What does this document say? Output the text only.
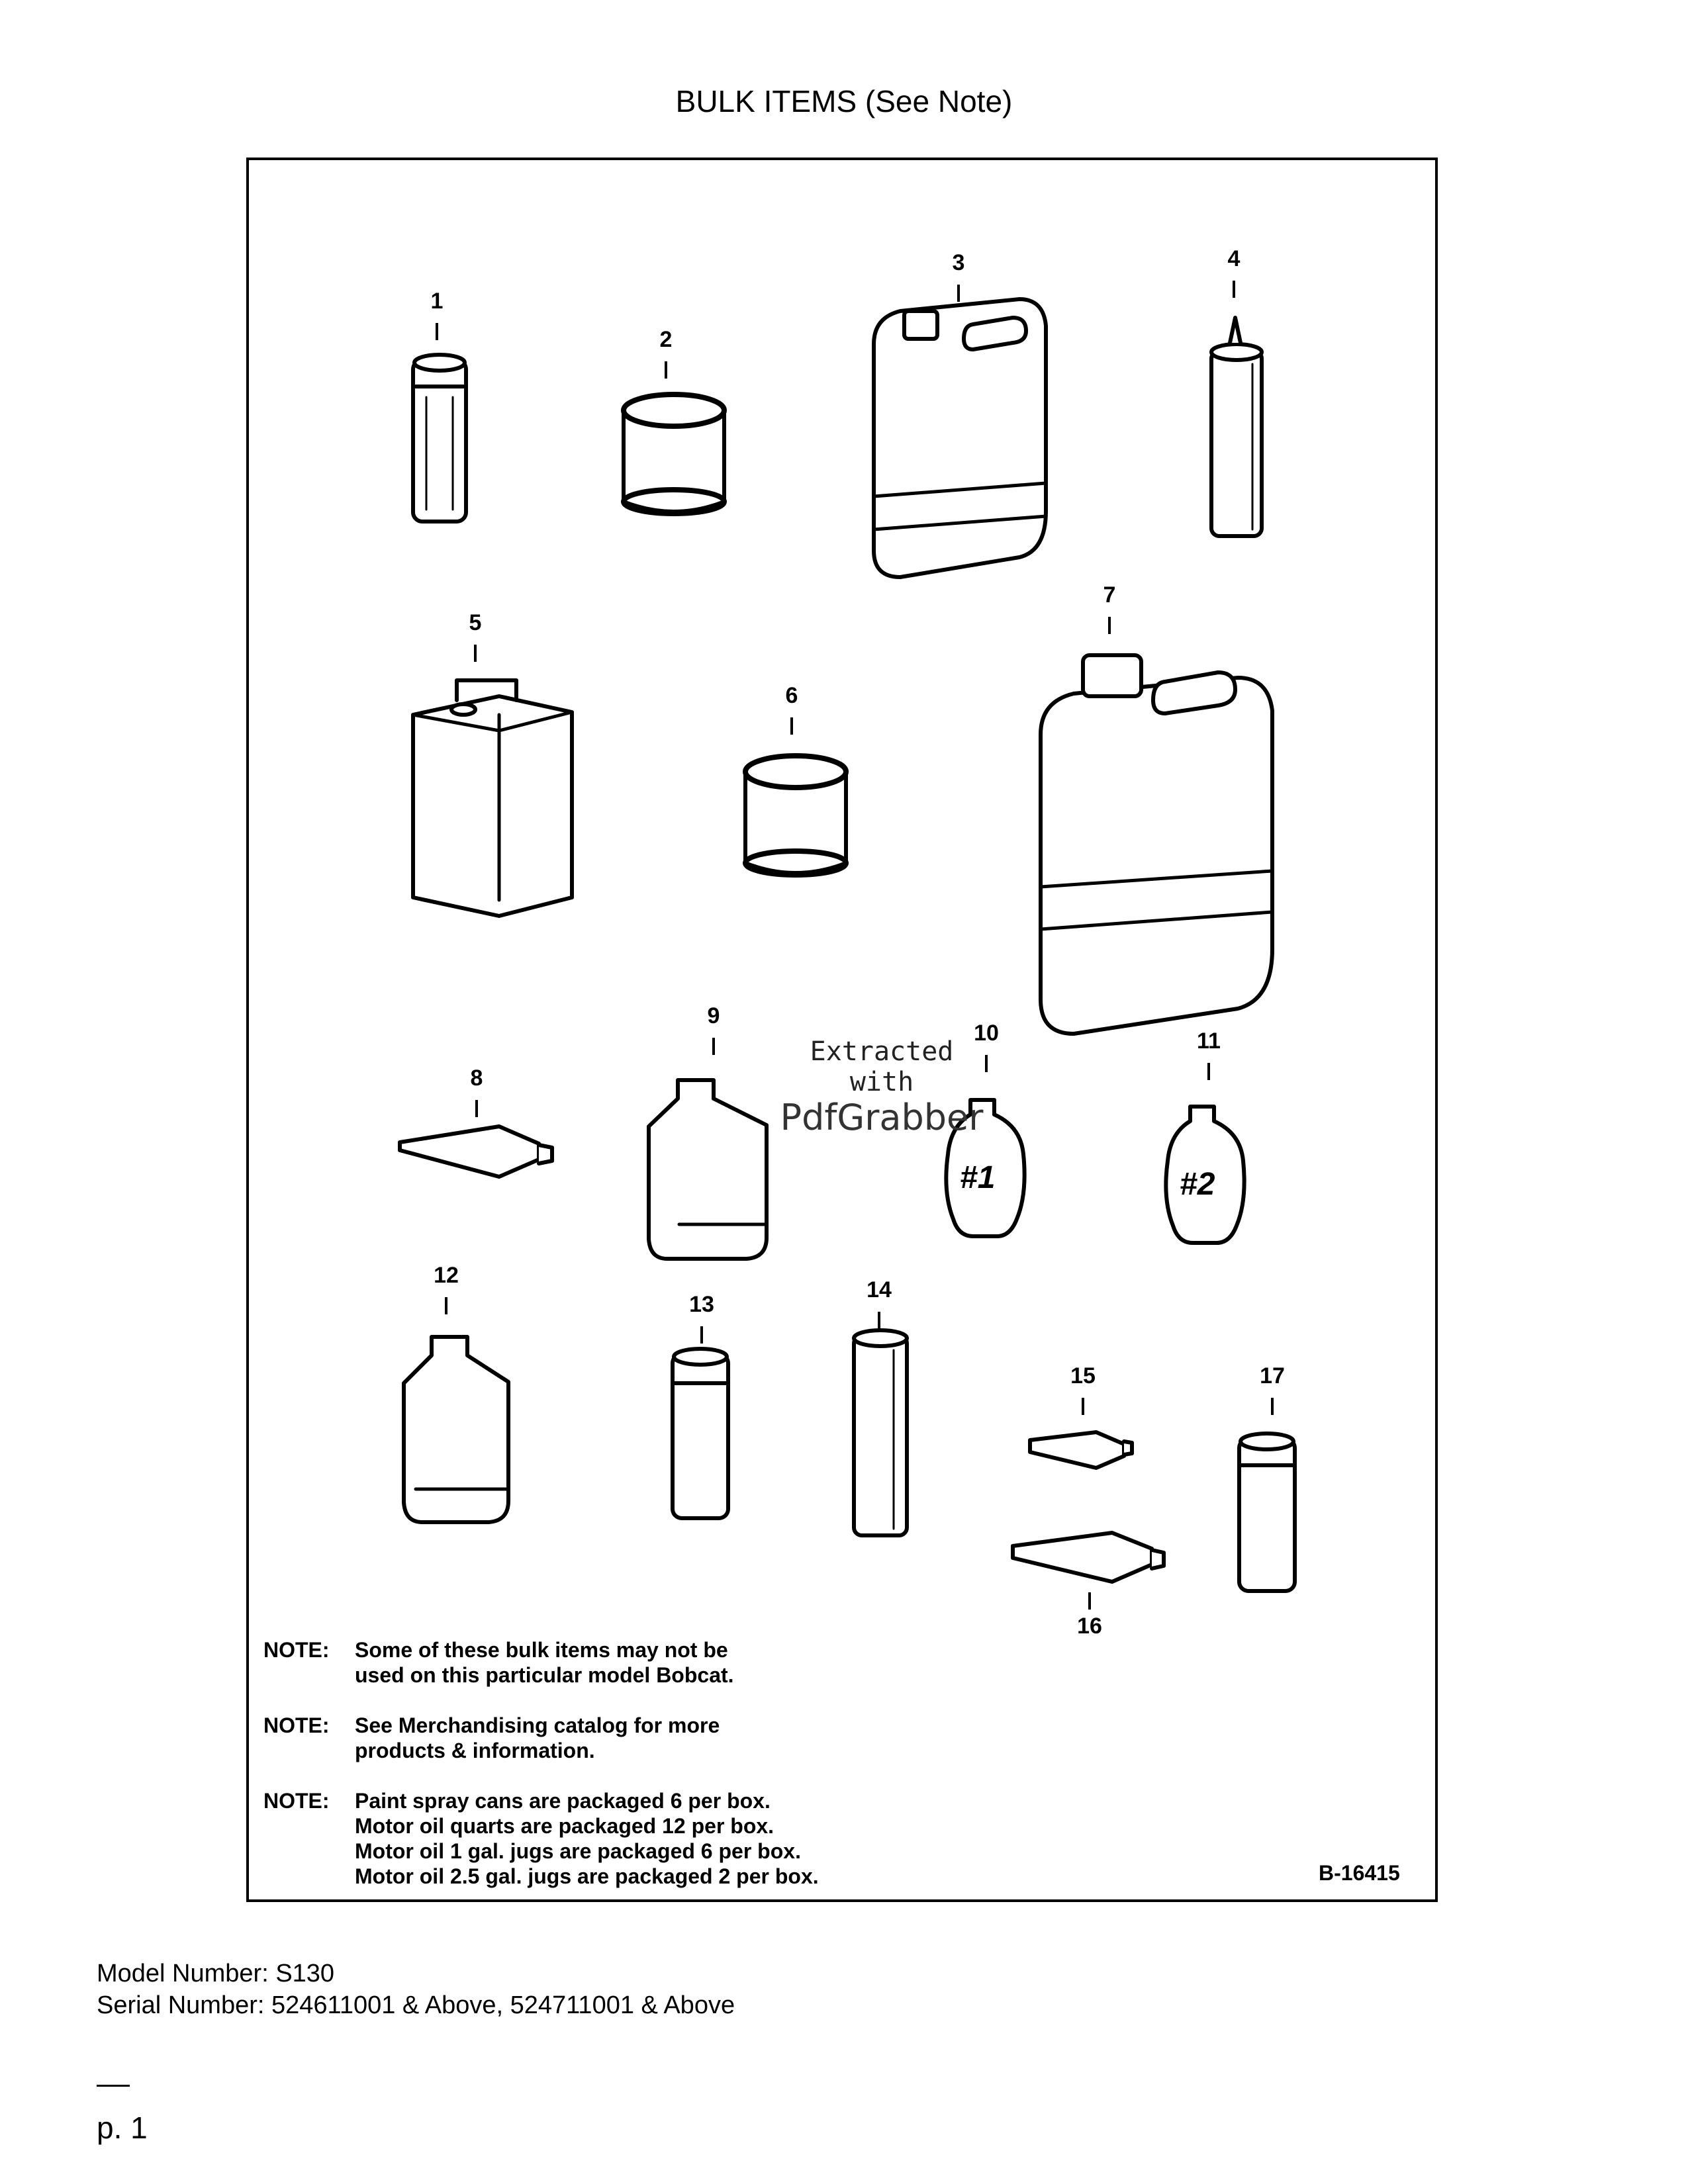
BULK ITEMS (See Note)
#1	#2
1
2
3	4
5
6
7
8
9
10	11
12
13
14
15
16
17
Extracted
with
PdfGrabber
NOTE:	Some of these bulk items may not be
used on this particular model Bobcat.
NOTE:	See Merchandising catalog for more
products & information.
NOTE:	Paint spray cans are packaged 6 per box.
Motor oil quarts are packaged 12 per box.
Motor oil 1 gal. jugs are packaged 6 per box.
Motor oil 2.5 gal. jugs are packaged 2 per box.	B-16415
Model Number: S130
Serial Number: 524611001 & Above, 524711001 & Above
p. 1
